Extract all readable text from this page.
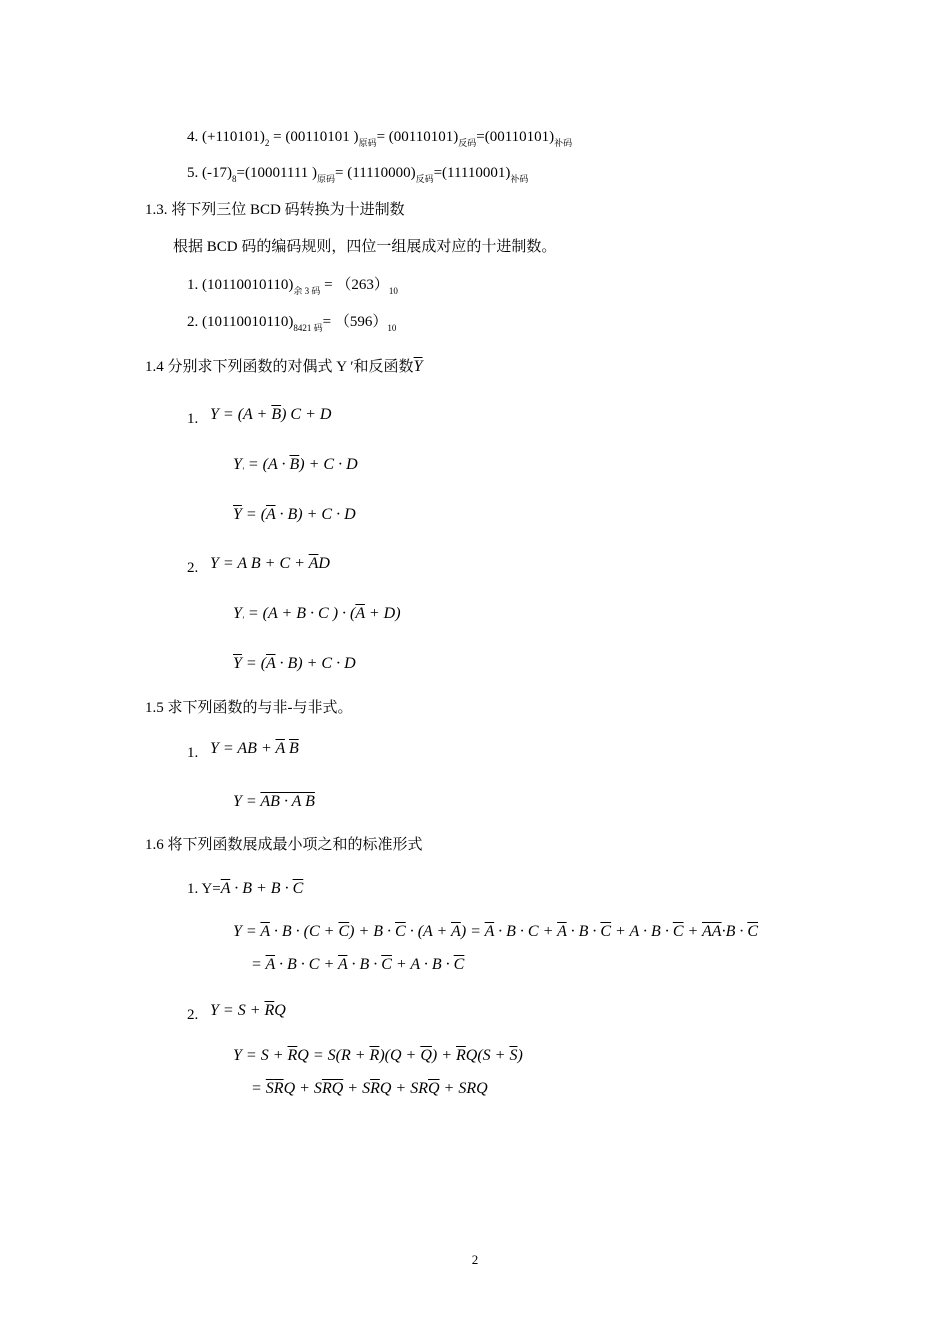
4. $(+110101)_2 = (00110101$ )$_{原码}= (00110101)_{反码}=(00110101)_{补码}$
5. $(-17)_8=(10001111$ )$_{原码}= (11110000)_{反码}=(11110001)_{补码}$
1.3. 将下列三位 BCD 码转换为十进制数
根据 BCD 码的编码规则，四位一组展成对应的十进制数。
1. $(10110010110)_{余 3 码} = (263)_{10}$
2. $(10110010110)_{8421 码}= (596)_{10}$
1.4 分别求下列函数的对偶式 Y ′和反函数$\overline{Y}$
1. $Y = (A + \overline{B})$ C + D
$Y' = (A \cdot \overline{B}) + C \cdot D$
$\overline{Y} = (\overline{A} \cdot B) + C \cdot D$
2. Y = A $B + C + \overline{A}D$
$Y' = (A + B \cdot C$ ) · $(\overline{A} + D)$
$\overline{Y} = (\overline{A} \cdot B) + C \cdot D$
1.5 求下列函数的与非-与非式。
1. Y = AB + $\overline{A}$ $\overline{B}$
Y = AB · A B
1.6 将下列函数展成最小项之和的标准形式
1. $Y=\overline{A} \cdot B + B \cdot \overline{C}$
$Y = \overline{A} \cdot B \cdot (C + \overline{C}) + B \cdot \overline{C} \cdot (A + \overline{A}) = \overline{A} \cdot B \cdot C + \overline{A} \cdot B \cdot \overline{C} + A \cdot B \cdot \overline{C} + \overline{A}\overline{A}\cdot B \cdot \overline{C}$
= $\overline{A} \cdot B \cdot C + \overline{A} \cdot B \cdot \overline{C} + A \cdot B \cdot \overline{C}$
2. $Y = S + \overline{R}Q$
$Y = S + \overline{R}Q = S(R + \overline{R})(Q + \overline{Q}) + \overline{R}Q(S + \overline{S})$
= $\overline{S}\overline{R}Q + S\overline{RQ} + S\overline{R}Q + SR\overline{Q}$ + SRQ
2
